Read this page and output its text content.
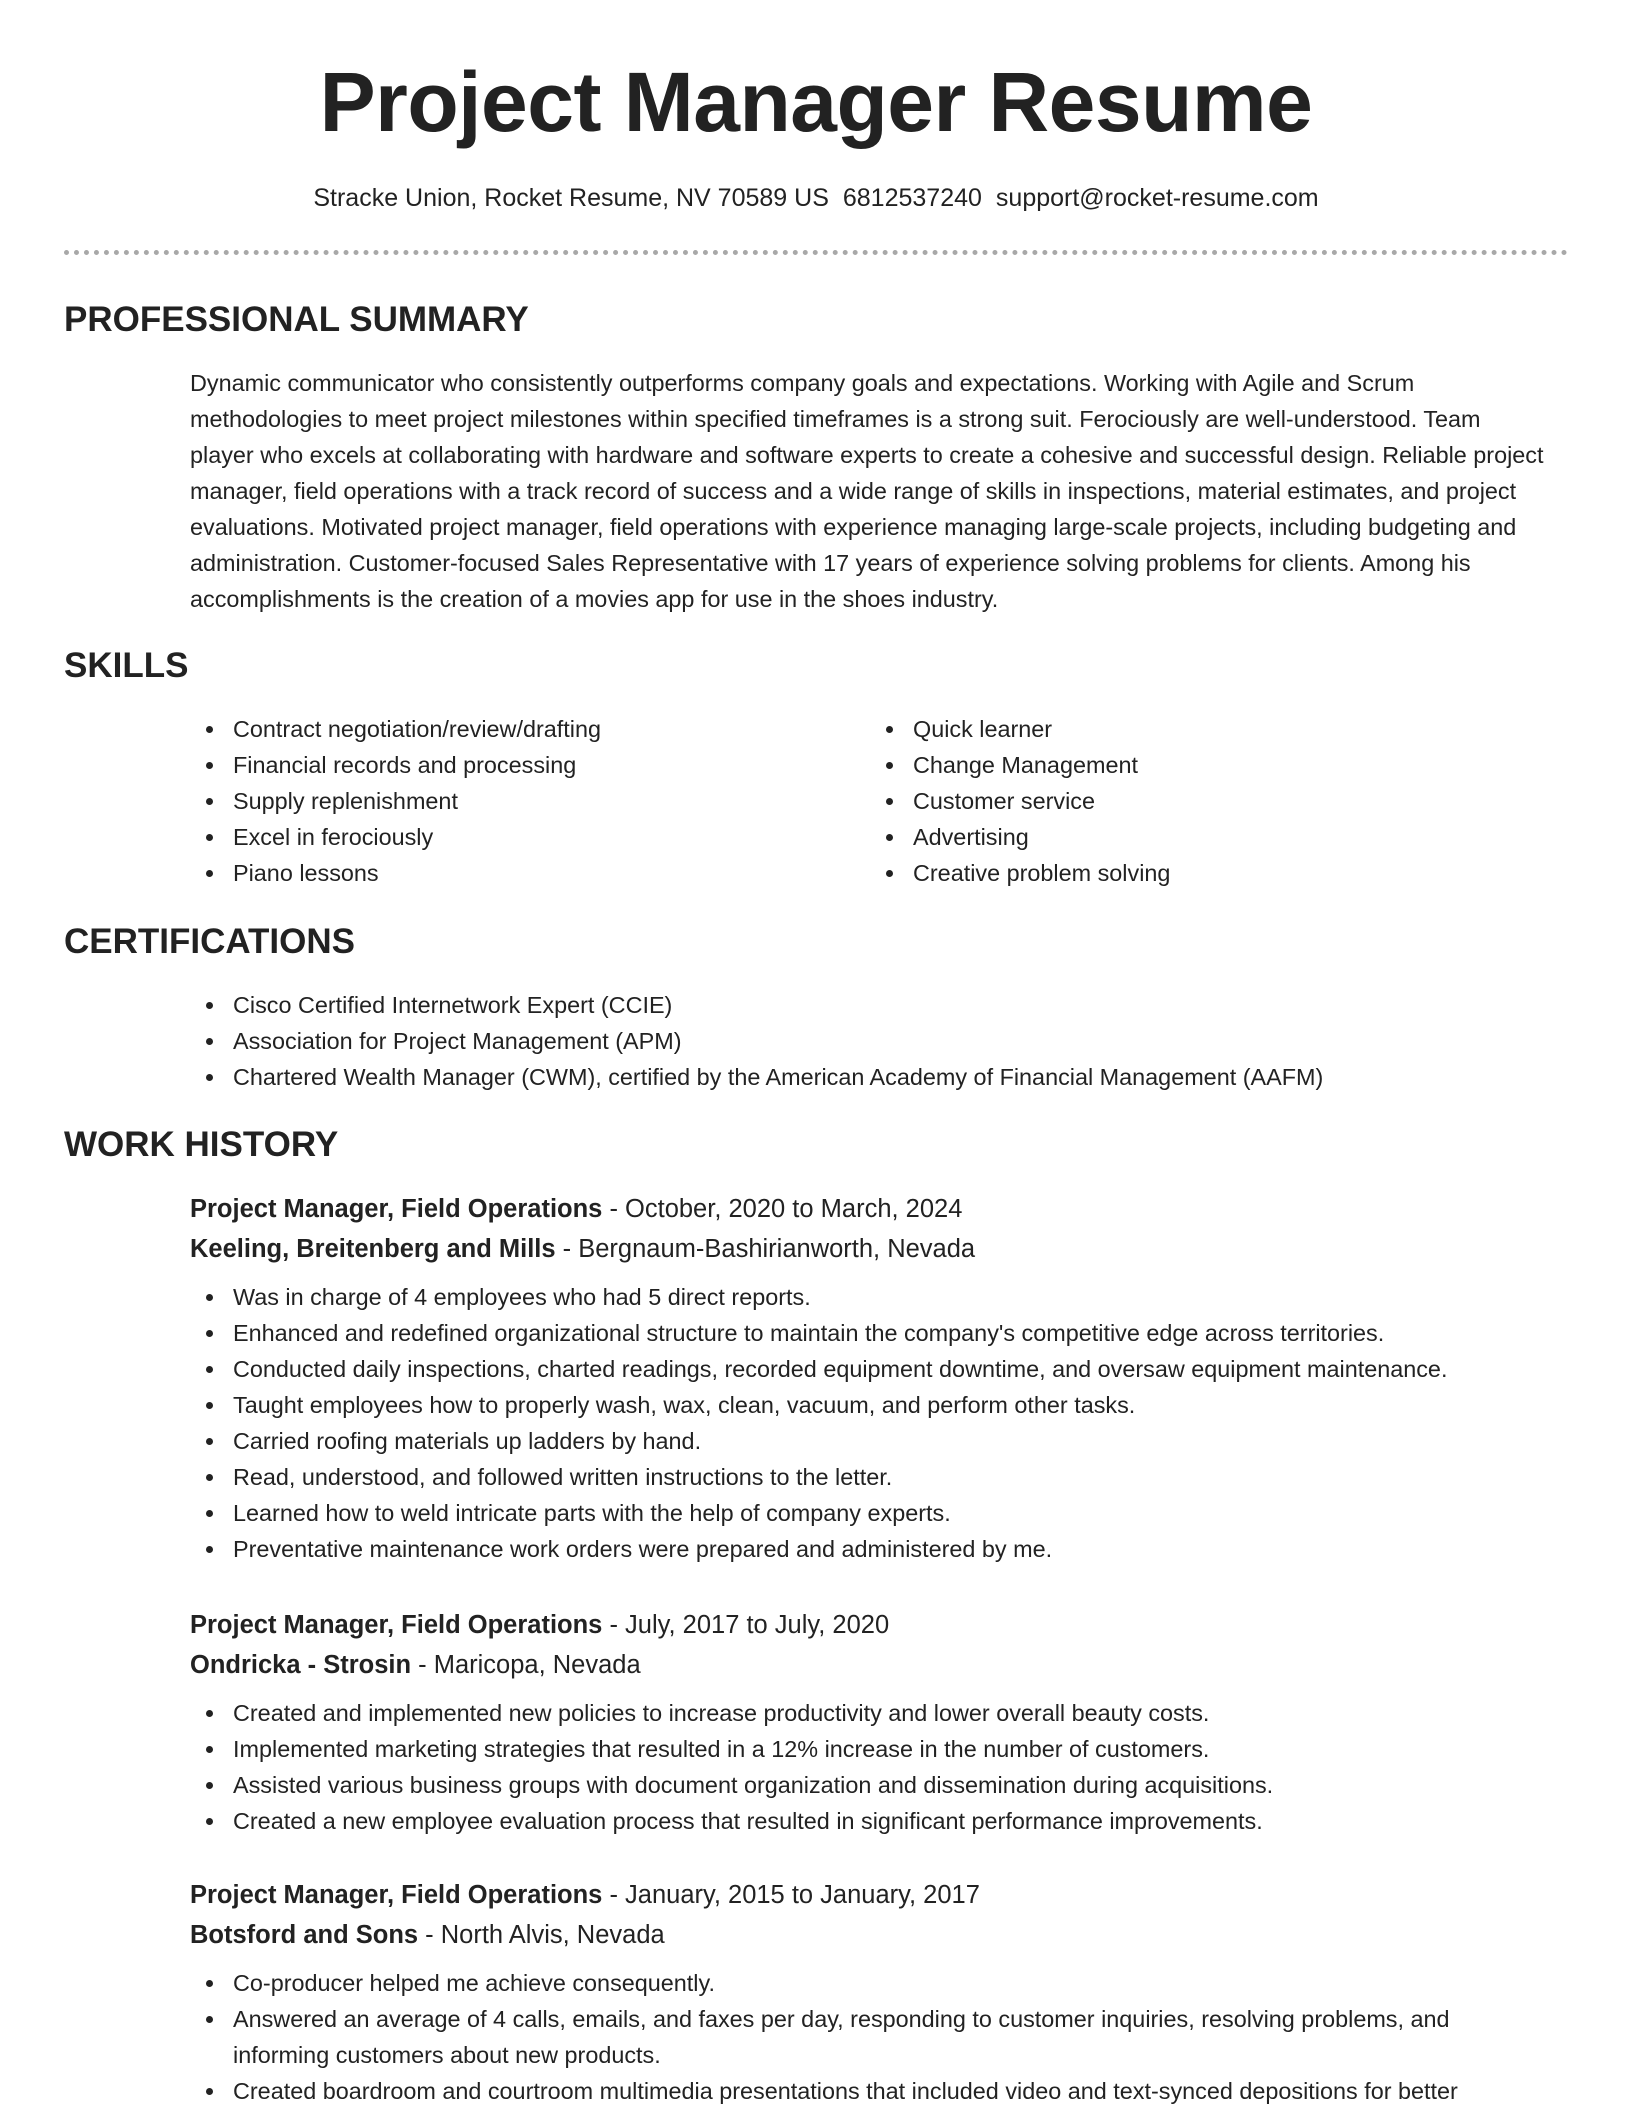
Project Manager Resume
Stracke Union, Rocket Resume, NV 70589 US 6812537240 support@rocket-resume.com
PROFESSIONAL SUMMARY
Dynamic communicator who consistently outperforms company goals and expectations. Working with Agile and Scrum methodologies to meet project milestones within specified timeframes is a strong suit. Ferociously are well-understood. Team player who excels at collaborating with hardware and software experts to create a cohesive and successful design. Reliable project manager, field operations with a track record of success and a wide range of skills in inspections, material estimates, and project evaluations. Motivated project manager, field operations with experience managing large-scale projects, including budgeting and administration. Customer-focused Sales Representative with 17 years of experience solving problems for clients. Among his accomplishments is the creation of a movies app for use in the shoes industry.
SKILLS
Contract negotiation/review/drafting
Financial records and processing
Supply replenishment
Excel in ferociously
Piano lessons
Quick learner
Change Management
Customer service
Advertising
Creative problem solving
CERTIFICATIONS
Cisco Certified Internetwork Expert (CCIE)
Association for Project Management (APM)
Chartered Wealth Manager (CWM), certified by the American Academy of Financial Management (AAFM)
WORK HISTORY
Project Manager, Field Operations - October, 2020 to March, 2024
Keeling, Breitenberg and Mills - Bergnaum-Bashirianworth, Nevada
Was in charge of 4 employees who had 5 direct reports.
Enhanced and redefined organizational structure to maintain the company's competitive edge across territories.
Conducted daily inspections, charted readings, recorded equipment downtime, and oversaw equipment maintenance.
Taught employees how to properly wash, wax, clean, vacuum, and perform other tasks.
Carried roofing materials up ladders by hand.
Read, understood, and followed written instructions to the letter.
Learned how to weld intricate parts with the help of company experts.
Preventative maintenance work orders were prepared and administered by me.
Project Manager, Field Operations - July, 2017 to July, 2020
Ondricka - Strosin - Maricopa, Nevada
Created and implemented new policies to increase productivity and lower overall beauty costs.
Implemented marketing strategies that resulted in a 12% increase in the number of customers.
Assisted various business groups with document organization and dissemination during acquisitions.
Created a new employee evaluation process that resulted in significant performance improvements.
Project Manager, Field Operations - January, 2015 to January, 2017
Botsford and Sons - North Alvis, Nevada
Co-producer helped me achieve consequently.
Answered an average of 4 calls, emails, and faxes per day, responding to customer inquiries, resolving problems, and informing customers about new products.
Created boardroom and courtroom multimedia presentations that included video and text-synced depositions for better
